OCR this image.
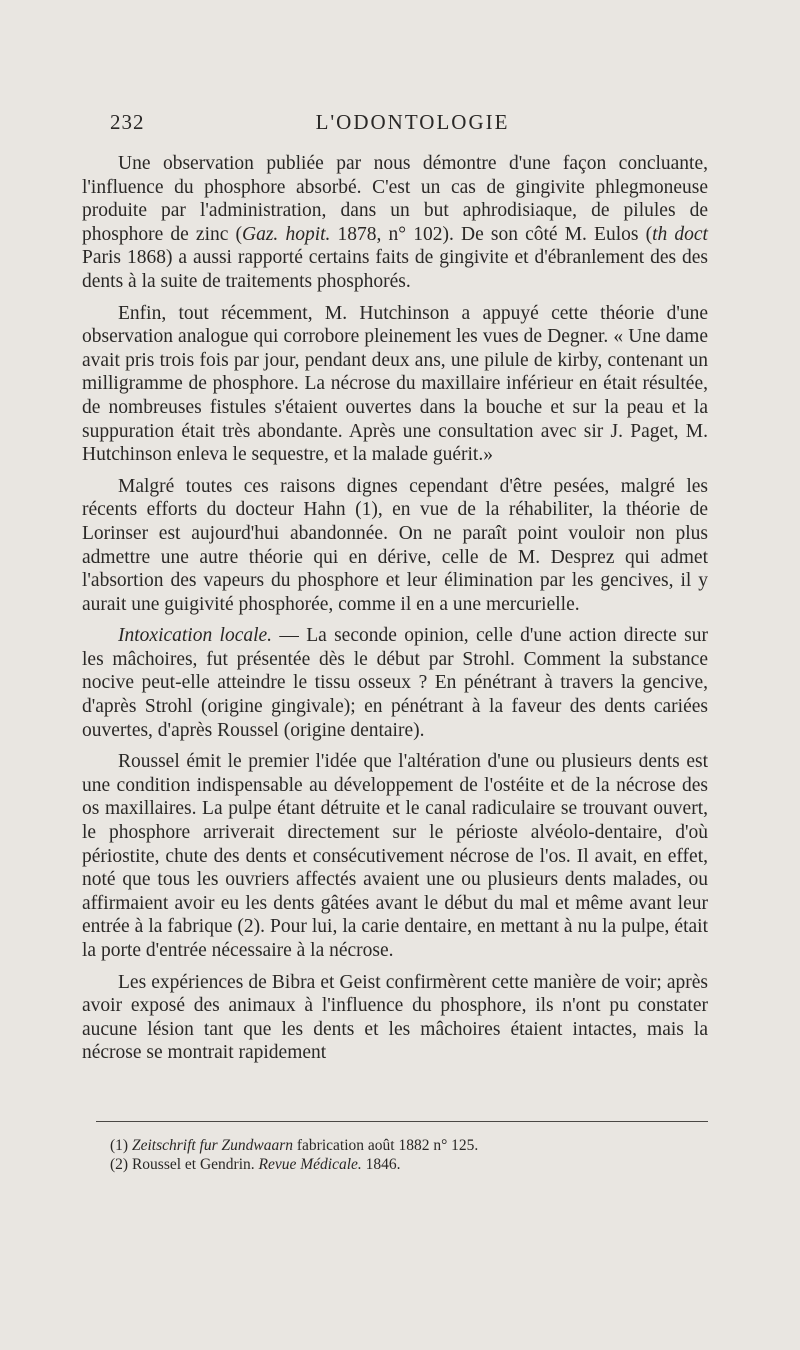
232	L'ODONTOLOGIE

Une observation publiée par nous démontre d'une façon concluante, l'influence du phosphore absorbé. C'est un cas de gingivite phlegmoneuse produite par l'administration, dans un but aphrodisiaque, de pilules de phosphore de zinc (Gaz. hopit. 1878, n° 102). De son côté M. Eulos (th doct Paris 1868) a aussi rapporté certains faits de gingivite et d'ébranlement des des dents à la suite de traitements phosphorés.

Enfin, tout récemment, M. Hutchinson a appuyé cette théorie d'une observation analogue qui corrobore pleinement les vues de Degner. « Une dame avait pris trois fois par jour, pendant deux ans, une pilule de kirby, contenant un milligramme de phosphore. La nécrose du maxillaire inférieur en était résultée, de nombreuses fistules s'étaient ouvertes dans la bouche et sur la peau et la suppuration était très abondante. Après une consultation avec sir J. Paget, M. Hutchinson enleva le sequestre, et la malade guérit.»

Malgré toutes ces raisons dignes cependant d'être pesées, malgré les récents efforts du docteur Hahn (1), en vue de la réhabiliter, la théorie de Lorinser est aujourd'hui abandonnée. On ne paraît point vouloir non plus admettre une autre théorie qui en dérive, celle de M. Desprez qui admet l'absortion des vapeurs du phosphore et leur élimination par les gencives, il y aurait une guigivité phosphorée, comme il en a une mercurielle.

Intoxication locale. — La seconde opinion, celle d'une action directe sur les mâchoires, fut présentée dès le début par Strohl. Comment la substance nocive peut-elle atteindre le tissu osseux ? En pénétrant à travers la gencive, d'après Strohl (origine gingivale); en pénétrant à la faveur des dents cariées ouvertes, d'après Roussel (origine dentaire).

Roussel émit le premier l'idée que l'altération d'une ou plusieurs dents est une condition indispensable au développement de l'ostéite et de la nécrose des os maxillaires. La pulpe étant détruite et le canal radiculaire se trouvant ouvert, le phosphore arriverait directement sur le périoste alvéolo-dentaire, d'où périostite, chute des dents et consécutivement nécrose de l'os. Il avait, en effet, noté que tous les ouvriers affectés avaient une ou plusieurs dents malades, ou affirmaient avoir eu les dents gâtées avant le début du mal et même avant leur entrée à la fabrique (2). Pour lui, la carie dentaire, en mettant à nu la pulpe, était la porte d'entrée nécessaire à la nécrose.

Les expériences de Bibra et Geist confirmèrent cette manière de voir; après avoir exposé des animaux à l'influence du phosphore, ils n'ont pu constater aucune lésion tant que les dents et les mâchoires étaient intactes, mais la nécrose se montrait rapidement

(1) Zeitschrift fur Zundwaarn fabrication août 1882 n° 125.

(2) Roussel et Gendrin. Revue Médicale. 1846.
